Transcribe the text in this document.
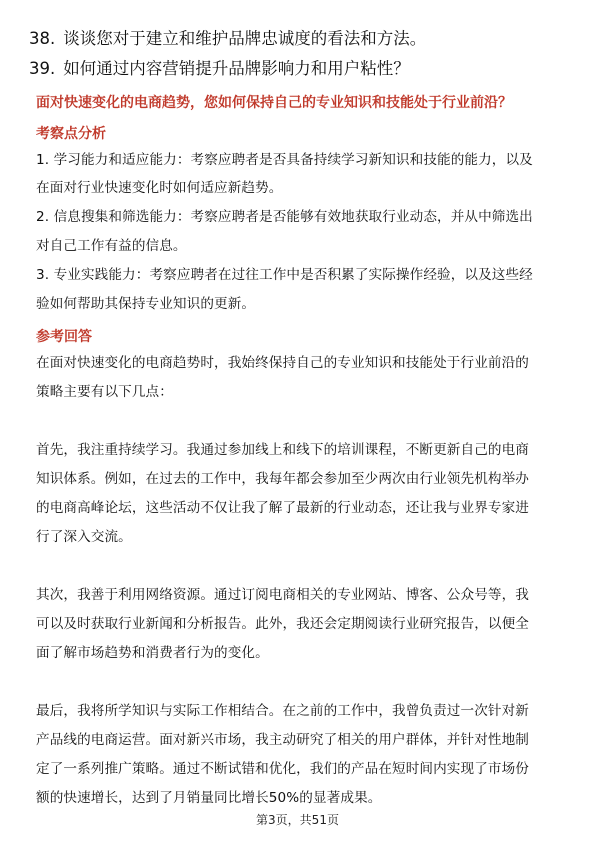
38. 谈谈您对于建立和维护品牌忠诚度的看法和方法。
39. 如何通过内容营销提升品牌影响力和用户粘性？
面对快速变化的电商趋势，您如何保持自己的专业知识和技能处于行业前沿？
考察点分析
1. 学习能力和适应能力：考察应聘者是否具备持续学习新知识和技能的能力，以及
在面对行业快速变化时如何适应新趋势。
2. 信息搜集和筛选能力：考察应聘者是否能够有效地获取行业动态，并从中筛选出
对自己工作有益的信息。
3. 专业实践能力：考察应聘者在过往工作中是否积累了实际操作经验，以及这些经
验如何帮助其保持专业知识的更新。
参考回答
在面对快速变化的电商趋势时，我始终保持自己的专业知识和技能处于行业前沿的
策略主要有以下几点：
首先，我注重持续学习。我通过参加线上和线下的培训课程，不断更新自己的电商
知识体系。例如，在过去的工作中，我每年都会参加至少两次由行业领先机构举办
的电商高峰论坛，这些活动不仅让我了解了最新的行业动态，还让我与业界专家进
行了深入交流。
其次，我善于利用网络资源。通过订阅电商相关的专业网站、博客、公众号等，我
可以及时获取行业新闻和分析报告。此外，我还会定期阅读行业研究报告，以便全
面了解市场趋势和消费者行为的变化。
最后，我将所学知识与实际工作相结合。在之前的工作中，我曾负责过一次针对新
产品线的电商运营。面对新兴市场，我主动研究了相关的用户群体，并针对性地制
定了一系列推广策略。通过不断试错和优化，我们的产品在短时间内实现了市场份
额的快速增长，达到了月销量同比增长50%的显著成果。
第3页，共51页
